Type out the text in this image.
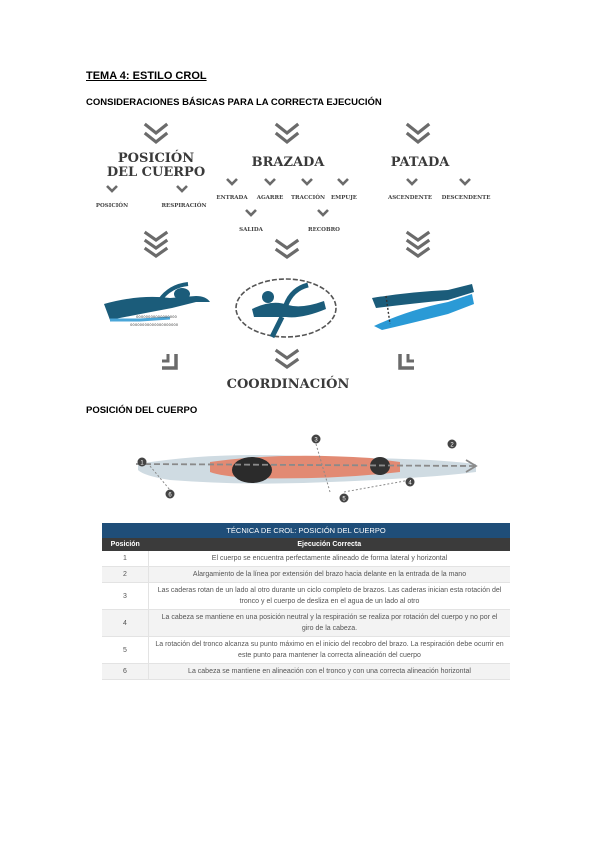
TEMA 4: ESTILO CROL
CONSIDERACIONES BÁSICAS PARA LA CORRECTA EJECUCIÓN
POSICIÓN
DEL CUERPO
BRAZADA	PATADA
POSICIÓN	RESPIRACIÓN
ENTRADA	AGARRE	TRACCIÓN	EMPUJE	ASCENDENTE	DESCENDENTE
SALIDA	RECOBRO
ooooooooooooooooo
oooooooooooooooooooo
COORDINACIÓN
POSICIÓN DEL CUERPO
1
2
3
4
5
6
TÉCNICA DE CROL: POSICIÓN DEL CUERPO	
Posición	Ejecución Correcta
1	El cuerpo se encuentra perfectamente alineado de forma lateral y horizontal
2	Alargamiento de la línea por extensión del brazo hacia delante en la entrada de la mano
3	Las caderas rotan de un lado al otro durante un ciclo completo de brazos. Las caderas inician esta rotación del tronco y el cuerpo de desliza en el agua de un lado al otro
4	La cabeza se mantiene en una posición neutral y la respiración se realiza por rotación del cuerpo y no por el giro de la cabeza.
5	La rotación del tronco alcanza su punto máximo en el inicio del recobro del brazo. La respiración debe ocurrir en este punto para mantener la correcta alineación del cuerpo
6	La cabeza se mantiene en alineación con el tronco y con una correcta alineación horizontal
